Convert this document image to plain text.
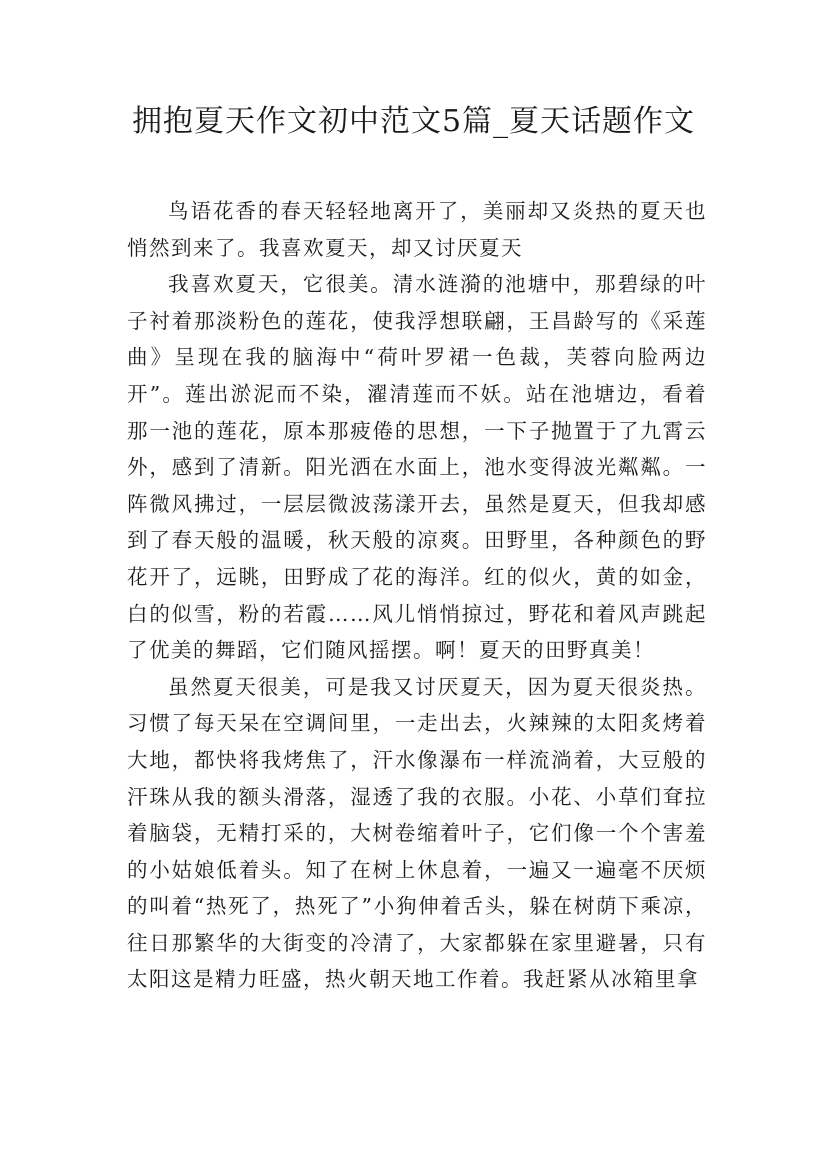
拥抱夏天作文初中范文5篇_夏天话题作文

鸟语花香的春天轻轻地离开了，美丽却又炎热的夏天也悄然到来了。我喜欢夏天，却又讨厌夏天

我喜欢夏天，它很美。清水涟漪的池塘中，那碧绿的叶子衬着那淡粉色的莲花，使我浮想联翩，王昌龄写的《采莲曲》呈现在我的脑海中“荷叶罗裙一色裁，芙蓉向脸两边开”。莲出淤泥而不染，濯清莲而不妖。站在池塘边，看着那一池的莲花，原本那疲倦的思想，一下子抛置于了九霄云外，感到了清新。阳光洒在水面上，池水变得波光粼粼。一阵微风拂过，一层层微波荡漾开去，虽然是夏天，但我却感到了春天般的温暖，秋天般的凉爽。田野里，各种颜色的野花开了，远眺，田野成了花的海洋。红的似火，黄的如金，白的似雪，粉的若霞……风儿悄悄掠过，野花和着风声跳起了优美的舞蹈，它们随风摇摆。啊！夏天的田野真美！

虽然夏天很美，可是我又讨厌夏天，因为夏天很炎热。习惯了每天呆在空调间里，一走出去，火辣辣的太阳炙烤着大地，都快将我烤焦了，汗水像瀑布一样流淌着，大豆般的汗珠从我的额头滑落，湿透了我的衣服。小花、小草们耷拉着脑袋，无精打采的，大树卷缩着叶子，它们像一个个害羞的小姑娘低着头。知了在树上休息着，一遍又一遍毫不厌烦的叫着“热死了，热死了”小狗伸着舌头，躲在树荫下乘凉，往日那繁华的大街变的冷清了，大家都躲在家里避暑，只有太阳这是精力旺盛，热火朝天地工作着。我赶紧从冰箱里拿
